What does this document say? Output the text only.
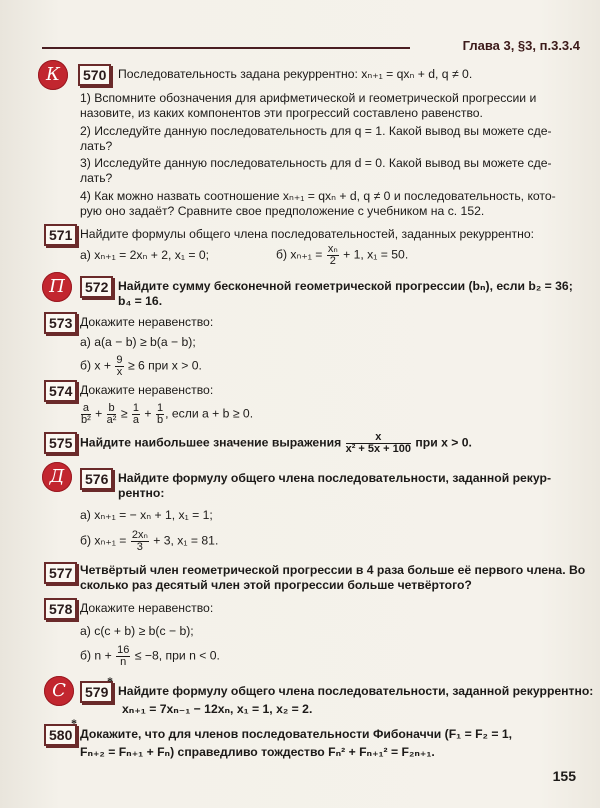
Глава 3, §3, п.3.3.4
К	570 Последовательность задана рекуррентно: xₙ₊₁ = qxₙ + d, q ≠ 0.
1) Вспомните обозначения для арифметической и геометрической прогрессии и
назовите, из каких компонентов эти прогрессий составлено равенство.
2) Исследуйте данную последовательность для q = 1. Какой вывод вы можете сде-
лать?
3) Исследуйте данную последовательность для d = 0. Какой вывод вы можете сде-
лать?
4) Как можно назвать соотношение xₙ₊₁ = qxₙ + d, q ≠ 0 и последовательность, кото-
рую оно задаёт? Сравните свое предположение с учебником на с. 152.
571 Найдите формулы общего члена последовательностей, заданных рекуррентно:
а) xₙ₊₁ = 2xₙ + 2, x₁ = 0;	б) $x_{n+1} = \frac{\text{xₙ}}{2} + 1$, x₁ = 50.
П	572 Найдите сумму бесконечной геометрической прогрессии (bₙ), если b₂ = 36;
b₄ = 16.
573 Докажите неравенство:
а) a(a − b) ≥ b(a − b);
б) $x + \frac{9}{x} \ge 6$ при x > 0.
574 Докажите неравенство:
$\frac{a}{\text{b²}} + \frac{b}{\text{a²}} \ge \frac{1}{a} + \frac{1}{b}$ , если a + b ≥ 0.
575 Найдите наибольшее значение выражения $\frac{x}{\text{x² + 5x + 100}}$ при x > 0.
Д	576 Найдите формулу общего члена последовательности, заданной рекур-
рентно:
а) xₙ₊₁ = − xₙ + 1, x₁ = 1;
б) $x_{n+1} = \frac{\text{2xₙ}}{3} + 3$, x₁ = 81.
577 Четвёртый член геометрической прогрессии в 4 раза больше её первого члена. Во
сколько раз десятый член этой прогрессии больше четвёртого?
578 Докажите неравенство:
а) c(c + b) ≥ b(c − b);
б) $n + \frac{16}{n} \le -8$, при n < 0.
С	579
*
Найдите формулу общего члена последовательности, заданной рекуррентно:
xₙ₊₁ = 7xₙ₋₁ − 12xₙ, x₁ = 1, x₂ = 2.
580
*
Докажите, что для членов последовательности Фибоначчи (F₁ = F₂ = 1,
Fₙ₊₂ = Fₙ₊₁ + Fₙ) справедливо тождество Fₙ² + Fₙ₊₁² = F₂ₙ₊₁.
155
